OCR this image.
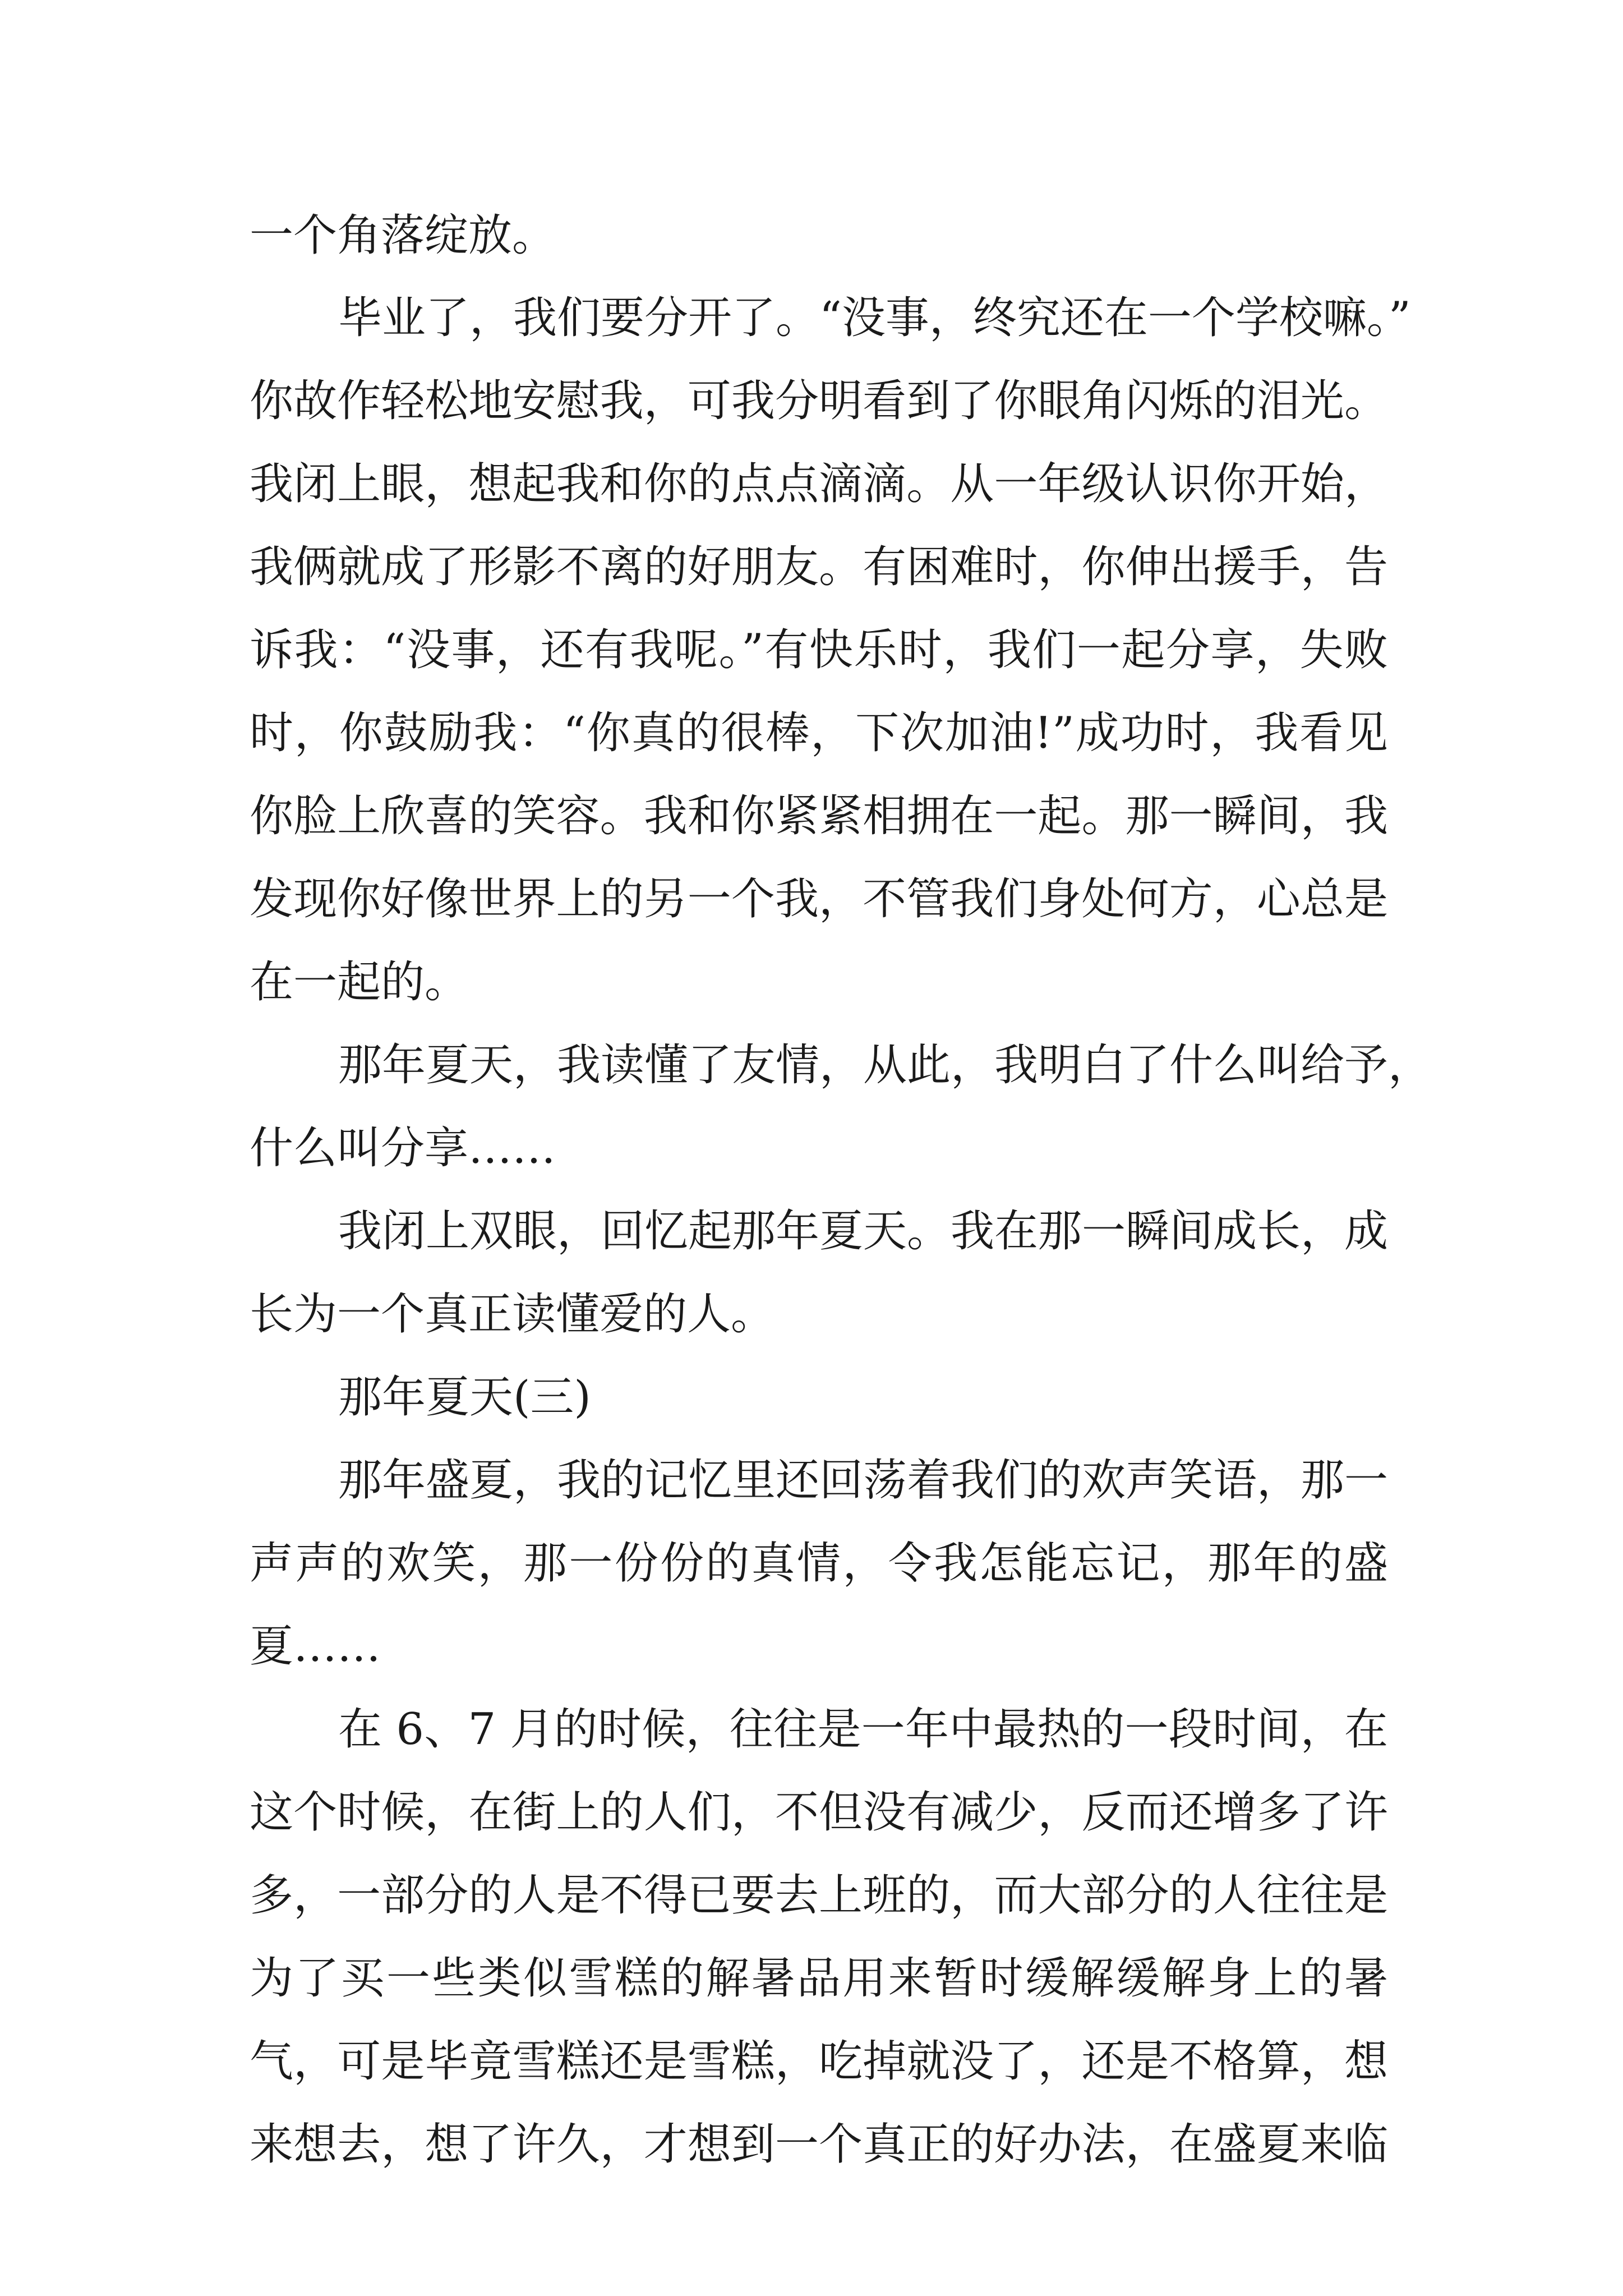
一个角落绽放。
毕业了，我们要分开了。“没事，终究还在一个学校嘛。”
你故作轻松地安慰我，可我分明看到了你眼角闪烁的泪光。
我闭上眼，想起我和你的点点滴滴。从一年级认识你开始，
我俩就成了形影不离的好朋友。有困难时，你伸出援手，告
诉我：“没事，还有我呢。”有快乐时，我们一起分享，失败
时，你鼓励我：“你真的很棒，下次加油!”成功时，我看见
你脸上欣喜的笑容。我和你紧紧相拥在一起。那一瞬间，我
发现你好像世界上的另一个我，不管我们身处何方，心总是
在一起的。
那年夏天，我读懂了友情，从此，我明白了什么叫给予，
什么叫分享……
我闭上双眼，回忆起那年夏天。我在那一瞬间成长，成
长为一个真正读懂爱的人。
那年夏天(三)
那年盛夏，我的记忆里还回荡着我们的欢声笑语，那一
声声的欢笑，那一份份的真情，令我怎能忘记，那年的盛
夏……
在 6、7 月的时候，往往是一年中最热的一段时间，在
这个时候，在街上的人们，不但没有减少，反而还增多了许
多，一部分的人是不得已要去上班的，而大部分的人往往是
为了买一些类似雪糕的解暑品用来暂时缓解缓解身上的暑
气，可是毕竟雪糕还是雪糕，吃掉就没了，还是不格算，想
来想去，想了许久，才想到一个真正的好办法，在盛夏来临
